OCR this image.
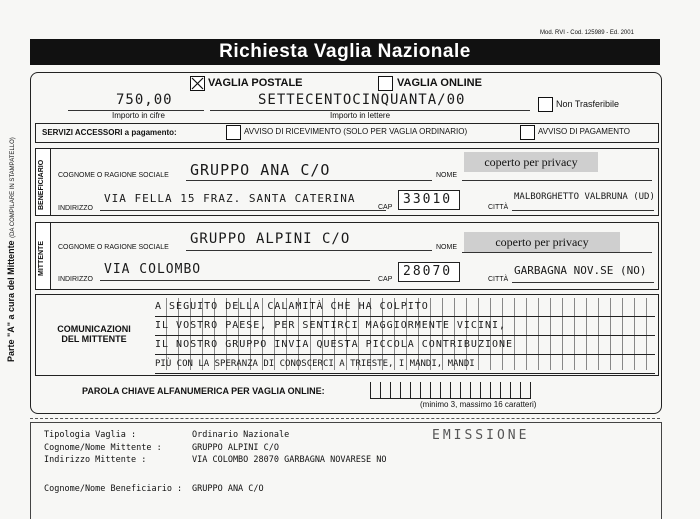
Parte "A" a cura del Mittente (DA COMPILARE IN STAMPATELLO)
Mod. RVI - Cod. 125989 - Ed. 2001
Richiesta Vaglia Nazionale
VAGLIA POSTALE	VAGLIA ONLINE
750,00
Importo in cifre
SETTECENTOCINQUANTA/00
Importo in lettere
Non Trasferibile
SERVIZI ACCESSORI a pagamento:	AVVISO DI RICEVIMENTO (SOLO PER VAGLIA ORDINARIO)	AVVISO DI PAGAMENTO
BENEFICIARIO COGNOME O RAGIONE SOCIALE GRUPPO ANA C/O	NOME
coperto per privacy
INDIRIZZO
VIA FELLA 15 FRAZ. SANTA CATERINA
CAP
33010
CITTÀ
MALBORGHETTO VALBRUNA (UD)
MITTENTE COGNOME O RAGIONE SOCIALE
GRUPPO ALPINI C/O
NOME	coperto per privacy
INDIRIZZO
VIA COLOMBO
CAP
28070
CITTÀ
GARBAGNA NOV.SE (NO)
COMUNICAZIONI
DEL MITTENTE
A SEGUITO DELLA CALAMITÀ CHE HA COLPITO
IL VOSTRO PAESE, PER SENTIRCI MAGGIORMENTE VICINI,
IL NOSTRO GRUPPO INVIA QUESTA PICCOLA CONTRIBUZIONE
PIÙ CON LA SPERANZA DI CONOSCERCI A TRIESTE, I MANDI, MANDI
PAROLA CHIAVE ALFANUMERICA PER VAGLIA ONLINE:
(minimo 3, massimo 16 caratteri)
EMISSIONE
Tipologia Vaglia :	Ordinario Nazionale
Cognome/Nome Mittente :	GRUPPO ALPINI C/O
Indirizzo Mittente :	VIA COLOMBO 28070 GARBAGNA NOVARESE NO
Cognome/Nome Beneficiario : GRUPPO ANA C/O
